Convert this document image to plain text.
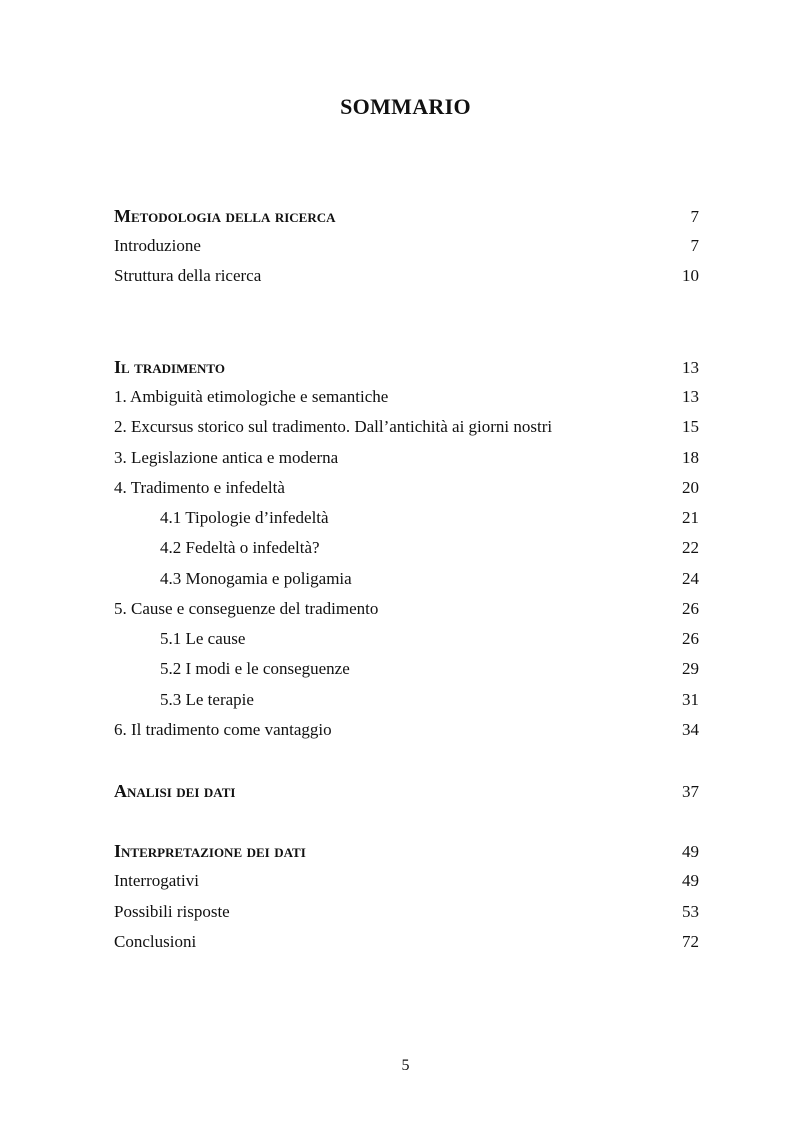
SOMMARIO
Metodologia della ricerca	7
Introduzione	7
Struttura della ricerca	10
Il tradimento	13
1. Ambiguità etimologiche e semantiche	13
2. Excursus storico sul tradimento. Dall’antichità ai giorni nostri	15
3. Legislazione antica e moderna	18
4. Tradimento e infedeltà	20
4.1 Tipologie d’infedeltà	21
4.2 Fedeltà o infedeltà?	22
4.3 Monogamia e poligamia	24
5. Cause e conseguenze del tradimento	26
5.1 Le cause	26
5.2 I modi e le conseguenze	29
5.3 Le terapie	31
6. Il tradimento come vantaggio	34
Analisi dei dati	37
Interpretazione dei dati	49
Interrogativi	49
Possibili risposte	53
Conclusioni	72
5
